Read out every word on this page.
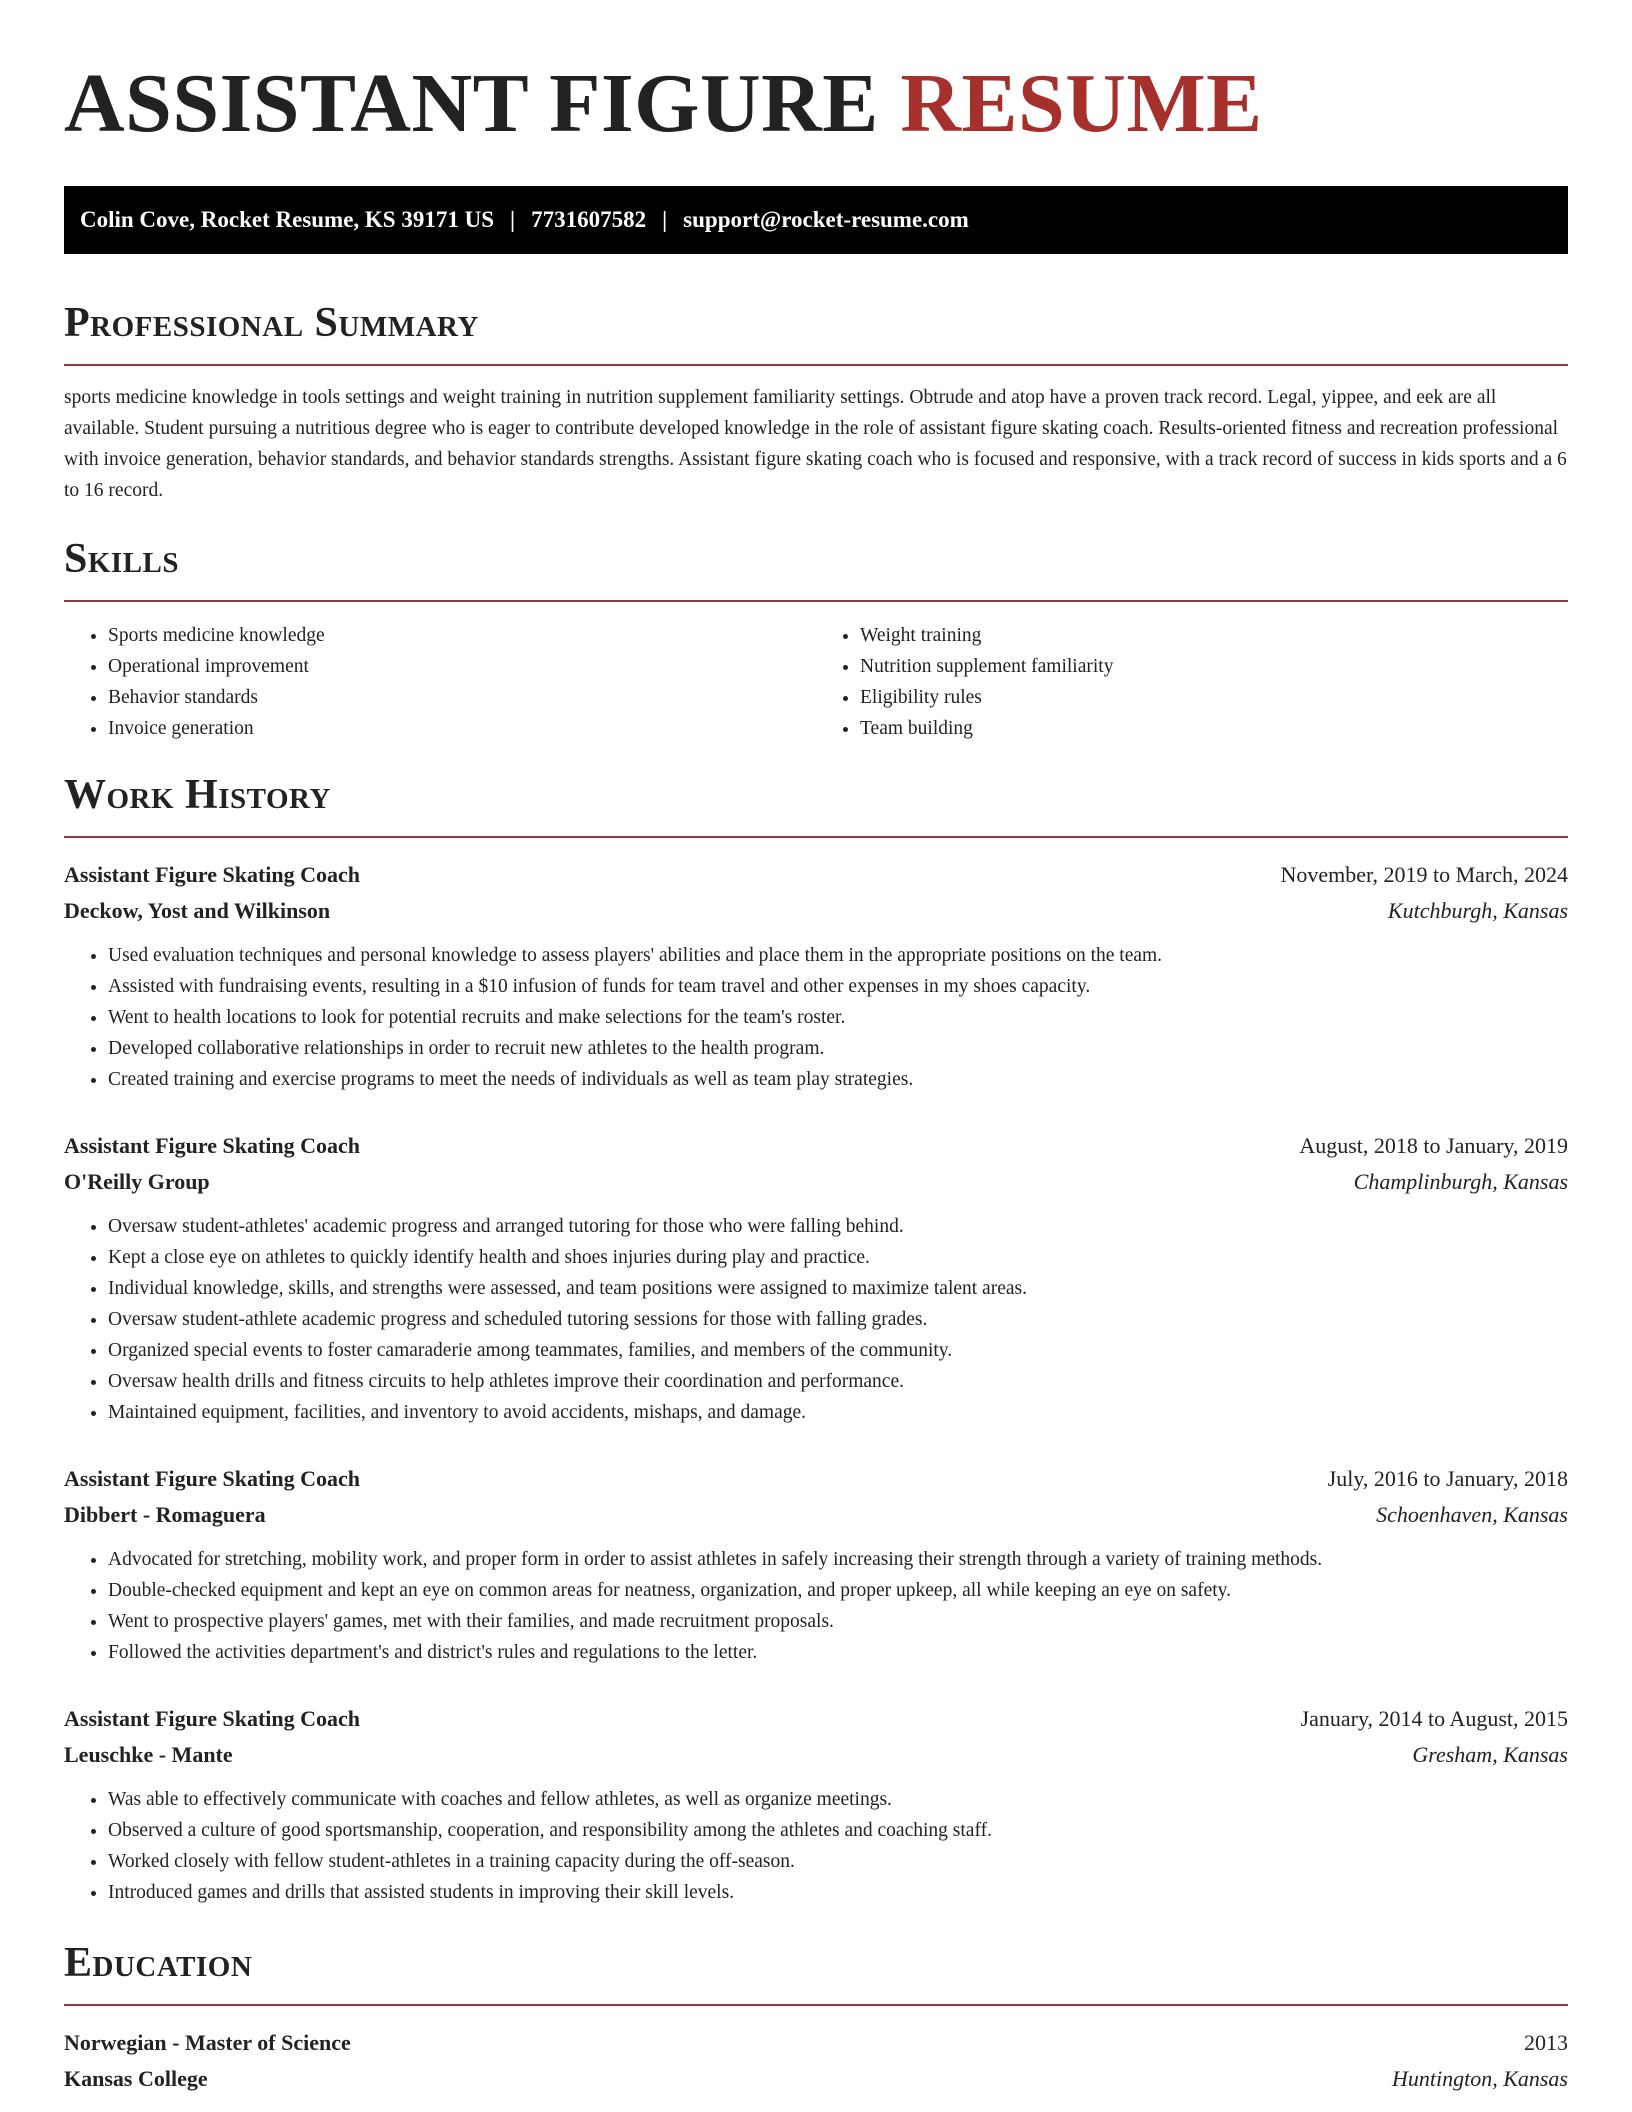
ASSISTANT FIGURE RESUME
Colin Cove, Rocket Resume, KS 39171 US | 7731607582 | support@rocket-resume.com
Professional Summary

sports medicine knowledge in tools settings and weight training in nutrition supplement familiarity settings. Obtrude and atop have a proven track record. Legal, yippee, and eek are all available. Student pursuing a nutritious degree who is eager to contribute developed knowledge in the role of assistant figure skating coach. Results-oriented fitness and recreation professional with invoice generation, behavior standards, and behavior standards strengths. Assistant figure skating coach who is focused and responsive, with a track record of success in kids sports and a 6 to 16 record.

Skills
• Sports medicine knowledge
• Operational improvement
• Behavior standards
• Invoice generation
• Weight training
• Nutrition supplement familiarity
• Eligibility rules
• Team building
Work History
Assistant Figure Skating Coach	November, 2019 to March, 2024
Deckow, Yost and Wilkinson	Kutchburgh, Kansas
• Used evaluation techniques and personal knowledge to assess players' abilities and place them in the appropriate positions on the team.
• Assisted with fundraising events, resulting in a $10 infusion of funds for team travel and other expenses in my shoes capacity.
• Went to health locations to look for potential recruits and make selections for the team's roster.
• Developed collaborative relationships in order to recruit new athletes to the health program.
• Created training and exercise programs to meet the needs of individuals as well as team play strategies.
Assistant Figure Skating Coach	August, 2018 to January, 2019
O'Reilly Group	Champlinburgh, Kansas
• Oversaw student-athletes' academic progress and arranged tutoring for those who were falling behind.
• Kept a close eye on athletes to quickly identify health and shoes injuries during play and practice.
• Individual knowledge, skills, and strengths were assessed, and team positions were assigned to maximize talent areas.
• Oversaw student-athlete academic progress and scheduled tutoring sessions for those with falling grades.
• Organized special events to foster camaraderie among teammates, families, and members of the community.
• Oversaw health drills and fitness circuits to help athletes improve their coordination and performance.
• Maintained equipment, facilities, and inventory to avoid accidents, mishaps, and damage.
Assistant Figure Skating Coach	July, 2016 to January, 2018
Dibbert - Romaguera	Schoenhaven, Kansas
• Advocated for stretching, mobility work, and proper form in order to assist athletes in safely increasing their strength through a variety of training methods.
• Double-checked equipment and kept an eye on common areas for neatness, organization, and proper upkeep, all while keeping an eye on safety.
• Went to prospective players' games, met with their families, and made recruitment proposals.
• Followed the activities department's and district's rules and regulations to the letter.
Assistant Figure Skating Coach	January, 2014 to August, 2015
Leuschke - Mante	Gresham, Kansas
• Was able to effectively communicate with coaches and fellow athletes, as well as organize meetings.
• Observed a culture of good sportsmanship, cooperation, and responsibility among the athletes and coaching staff.
• Worked closely with fellow student-athletes in a training capacity during the off-season.
• Introduced games and drills that assisted students in improving their skill levels.
Education
Norwegian - Master of Science	2013
Kansas College	Huntington, Kansas
